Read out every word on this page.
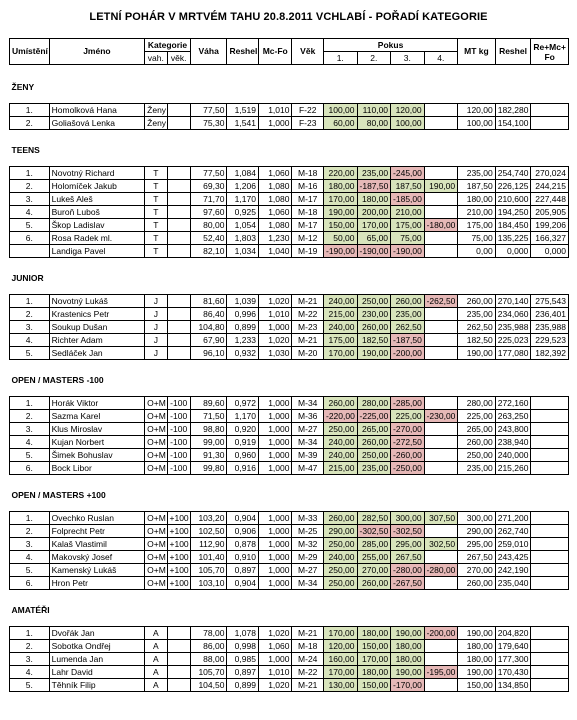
LETNÍ POHÁR V MRTVÉM TAHU 20.8.2011 VCHLABÍ - POŘADÍ KATEGORIE
Umístění	Jméno	Kategorie		Váha	Reshel	Mc-Fo	Věk	Pokus				MT kg	Reshel	Re+Mc+ Fo
		vah.	věk.					1.	2.	3.	4.			

ŽENY														

1.	Homolková Hana	Ženy		77,50	1,519	1,010	F-22	100,00	110,00	120,00		120,00	182,280	
2.	Goliašová Lenka	Ženy		75,30	1,541	1,000	F-23	60,00	80,00	100,00		100,00	154,100	

TEENS														

1.	Novotný Richard	T		77,50	1,084	1,060	M-18	220,00	235,00	-245,00		235,00	254,740	270,024
2.	Holomíček Jakub	T		69,30	1,206	1,080	M-16	180,00	-187,50	187,50	190,00	187,50	226,125	244,215
3.	Lukeš Aleš	T		71,70	1,170	1,080	M-17	170,00	180,00	-185,00		180,00	210,600	227,448
4.	Buroň Luboš	T		97,60	0,925	1,060	M-18	190,00	200,00	210,00		210,00	194,250	205,905
5.	Škop Ladislav	T		80,00	1,054	1,080	M-17	150,00	170,00	175,00	-180,00	175,00	184,450	199,206
6.	Rosa Radek ml.	T		52,40	1,803	1,230	M-12	50,00	65,00	75,00		75,00	135,225	166,327
	Landiga Pavel	T		82,10	1,034	1,040	M-19	-190,00	-190,00	-190,00		0,00	0,000	0,000

JUNIOR														

1.	Novotný Lukáš	J		81,60	1,039	1,020	M-21	240,00	250,00	260,00	-262,50	260,00	270,140	275,543
2.	Krastenics Petr	J		86,40	0,996	1,010	M-22	215,00	230,00	235,00		235,00	234,060	236,401
3.	Soukup Dušan	J		104,80	0,899	1,000	M-23	240,00	260,00	262,50		262,50	235,988	235,988
4.	Richter Adam	J		67,90	1,233	1,020	M-21	175,00	182,50	-187,50		182,50	225,023	229,523
5.	Sedláček Jan	J		96,10	0,932	1,030	M-20	170,00	190,00	-200,00		190,00	177,080	182,392

OPEN / MASTERS -100														

1.	Horák Viktor	O+M	-100	89,60	0,972	1,000	M-34	260,00	280,00	-285,00		280,00	272,160	
2.	Sazma Karel	O+M	-100	71,50	1,170	1,000	M-36	-220,00	-225,00	225,00	-230,00	225,00	263,250	
3.	Klus Miroslav	O+M	-100	98,80	0,920	1,000	M-27	250,00	265,00	-270,00		265,00	243,800	
4.	Kujan Norbert	O+M	-100	99,00	0,919	1,000	M-34	240,00	260,00	-272,50		260,00	238,940	
5.	Šimek Bohuslav	O+M	-100	91,30	0,960	1,000	M-39	240,00	250,00	-260,00		250,00	240,000	
6.	Bock Libor	O+M	-100	99,80	0,916	1,000	M-47	215,00	235,00	-250,00		235,00	215,260	

OPEN / MASTERS +100														

1.	Ovechko Ruslan	O+M	+100	103,20	0,904	1,000	M-33	260,00	282,50	300,00	307,50	300,00	271,200	
2.	Folprecht Petr	O+M	+100	102,50	0,906	1,000	M-25	290,00	-302,50	-302,50		290,00	262,740	
3.	Kalaš Vlastimil	O+M	+100	112,90	0,878	1,000	M-32	250,00	285,00	295,00	302,50	295,00	259,010	
4.	Makovský Josef	O+M	+100	101,40	0,910	1,000	M-29	240,00	255,00	267,50		267,50	243,425	
5.	Kamenský Lukáš	O+M	+100	105,70	0,897	1,000	M-27	250,00	270,00	-280,00	-280,00	270,00	242,190	
6.	Hron Petr	O+M	+100	103,10	0,904	1,000	M-34	250,00	260,00	-267,50		260,00	235,040	

AMATÉŘI														

1.	Dvořák Jan	A		78,00	1,078	1,020	M-21	170,00	180,00	190,00	-200,00	190,00	204,820	
2.	Sobotka Ondřej	A		86,00	0,998	1,060	M-18	120,00	150,00	180,00		180,00	179,640	
3.	Lumenda Jan	A		88,00	0,985	1,000	M-24	160,00	170,00	180,00		180,00	177,300	
4.	Lahr David	A		105,70	0,897	1,010	M-22	170,00	180,00	190,00	-195,00	190,00	170,430	
5.	Těhník Filip	A		104,50	0,899	1,020	M-21	130,00	150,00	-170,00		150,00	134,850	
